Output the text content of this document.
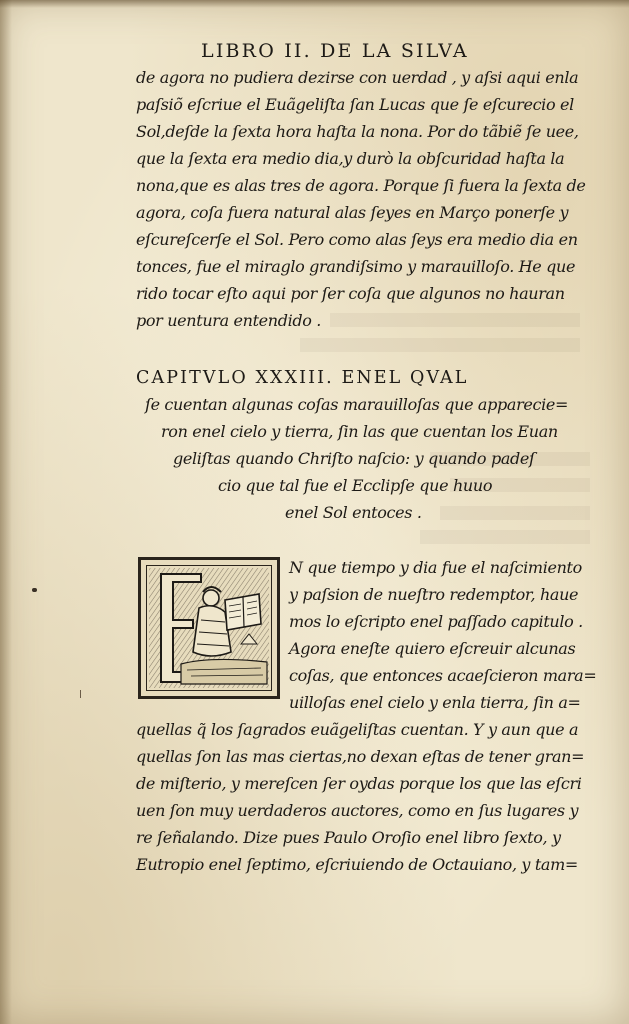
LIBRO II. DE LA SILVA
de agora no pudiera dezirse con uerdad , y aſsi aqui enla
paſsiõ eſcriue el Euãgeliſta ſan Lucas que ſe eſcurecio el
Sol,deſde la ſexta hora haſta la nona. Por do tãbiẽ ſe uee,
que la ſexta era medio dia,y durò la obſcuridad haſta la
nona,que es alas tres de agora. Porque ſi fuera la ſexta de
agora, coſa fuera natural alas ſeyes en Março ponerſe y
eſcureſcerſe el Sol. Pero como alas ſeys era medio dia en
tonces, fue el miraglo grandiſsimo y marauilloſo. He que
rido tocar eſto aqui por ſer coſa que algunos no hauran
por uentura entendido .
CAPITVLO XXXIII. ENEL QVAL
ſe cuentan algunas coſas marauilloſas que apparecie=
ron enel cielo y tierra, ſin las que cuentan los Euan
geliſtas quando Chriſto naſcio: y quando padeſ
cio que tal fue el Ecclipſe que huuo
enel Sol entoces .
N que tiempo y dia fue el naſcimiento
y paſsion de nueſtro redemptor, haue
mos lo eſcripto enel paſſado capitulo .
Agora eneſte quiero eſcreuir alcunas
coſas, que entonces acaeſcieron mara=
uilloſas enel cielo y enla tierra, ſin a=
quellas q̃ los ſagrados euãgeliſtas cuentan. Y y aun que a
quellas ſon las mas ciertas,no dexan eſtas de tener gran=
de miſterio, y mereſcen ſer oydas porque los que las eſcri
uen ſon muy uerdaderos auctores, como en ſus lugares y
re ſeñalando. Dize pues Paulo Oroſio enel libro ſexto, y
Eutropio enel ſeptimo, eſcriuiendo de Octauiano, y tam=
